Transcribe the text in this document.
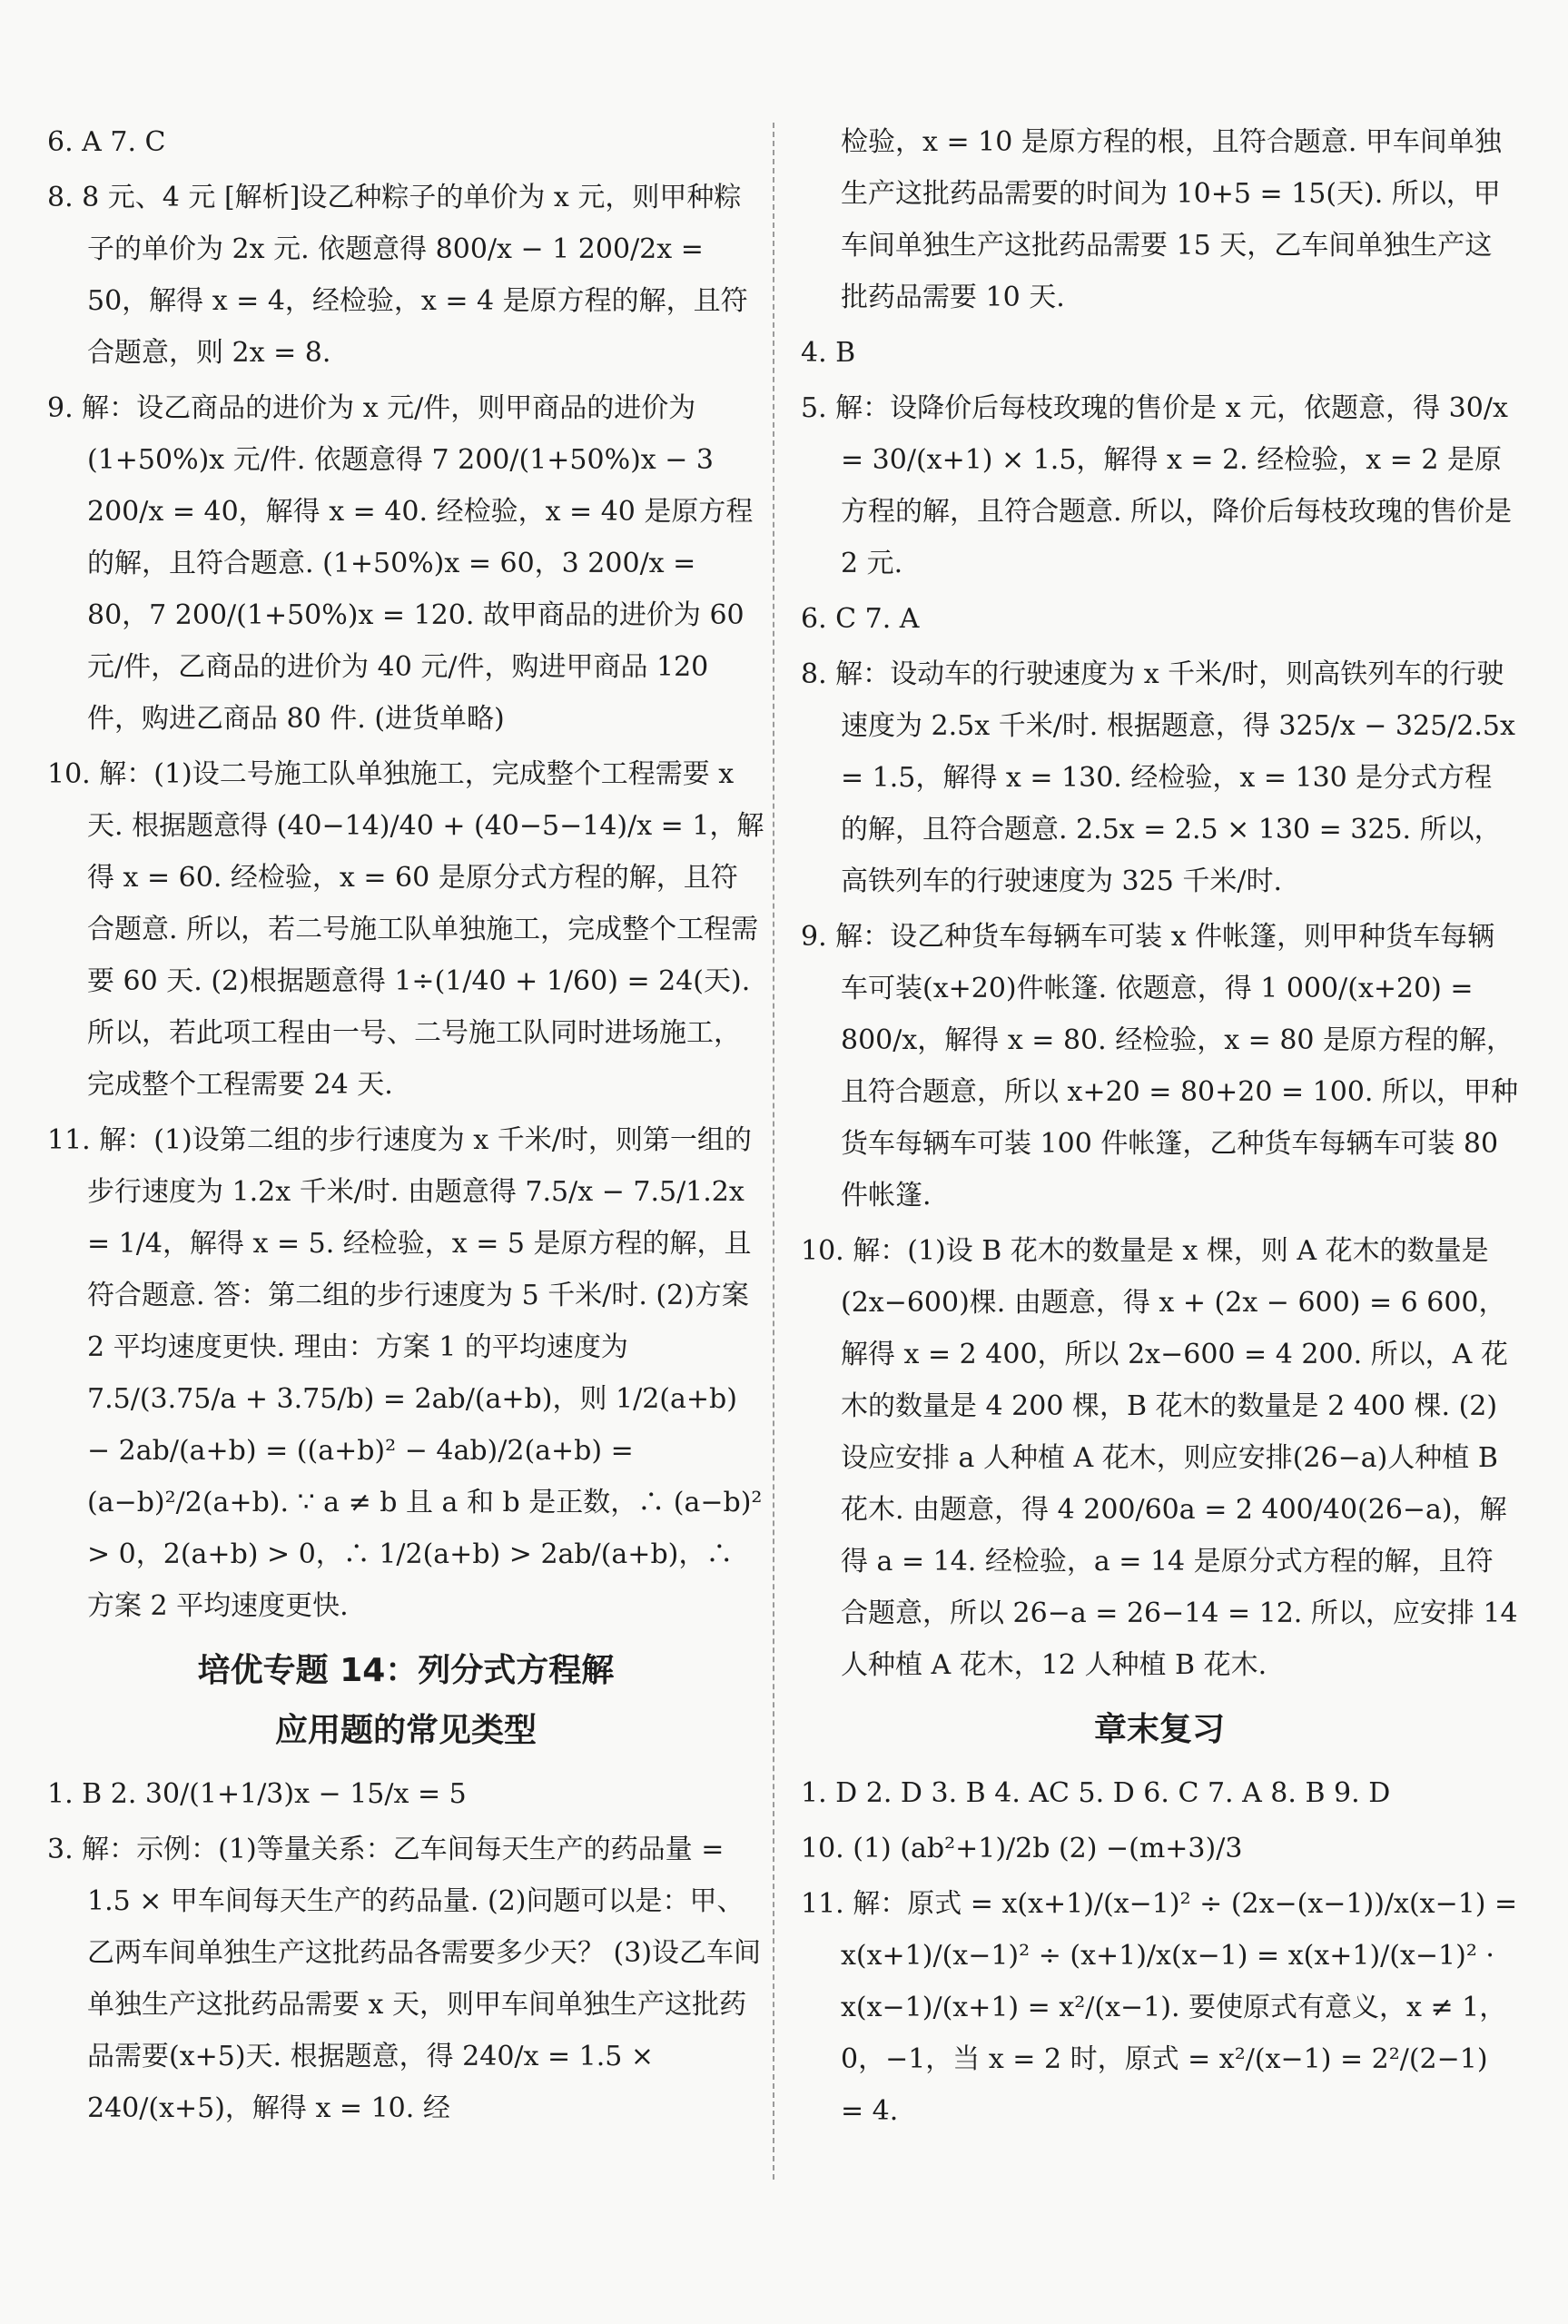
6. A 7. C
8. 8 元、4 元 [解析]设乙种粽子的单价为 x 元，则甲种粽子的单价为 2x 元. 依题意得 800/x − 1 200/2x = 50，解得 x = 4，经检验，x = 4 是原方程的解，且符合题意，则 2x = 8.
9. 解：设乙商品的进价为 x 元/件，则甲商品的进价为(1+50%)x 元/件. 依题意得 7 200/(1+50%)x − 3 200/x = 40，解得 x = 40. 经检验，x = 40 是原方程的解，且符合题意. (1+50%)x = 60，3 200/x = 80，7 200/(1+50%)x = 120. 故甲商品的进价为 60 元/件，乙商品的进价为 40 元/件，购进甲商品 120 件，购进乙商品 80 件. (进货单略)
10. 解：(1)设二号施工队单独施工，完成整个工程需要 x 天. 根据题意得 (40−14)/40 + (40−5−14)/x = 1，解得 x = 60. 经检验，x = 60 是原分式方程的解，且符合题意. 所以，若二号施工队单独施工，完成整个工程需要 60 天. (2)根据题意得 1÷(1/40 + 1/60) = 24(天). 所以，若此项工程由一号、二号施工队同时进场施工，完成整个工程需要 24 天.
11. 解：(1)设第二组的步行速度为 x 千米/时，则第一组的步行速度为 1.2x 千米/时. 由题意得 7.5/x − 7.5/1.2x = 1/4，解得 x = 5. 经检验，x = 5 是原方程的解，且符合题意. 答：第二组的步行速度为 5 千米/时. (2)方案 2 平均速度更快. 理由：方案 1 的平均速度为 7.5/(3.75/a + 3.75/b) = 2ab/(a+b)，则 1/2(a+b) − 2ab/(a+b) = ((a+b)² − 4ab)/2(a+b) = (a−b)²/2(a+b). ∵ a ≠ b 且 a 和 b 是正数，∴ (a−b)² > 0，2(a+b) > 0，∴ 1/2(a+b) > 2ab/(a+b)，∴ 方案 2 平均速度更快.
培优专题 14：列分式方程解
应用题的常见类型
1. B 2. 30/(1+1/3)x − 15/x = 5
3. 解：示例：(1)等量关系：乙车间每天生产的药品量 = 1.5 × 甲车间每天生产的药品量. (2)问题可以是：甲、乙两车间单独生产这批药品各需要多少天？ (3)设乙车间单独生产这批药品需要 x 天，则甲车间单独生产这批药品需要(x+5)天. 根据题意，得 240/x = 1.5 × 240/(x+5)，解得 x = 10. 经
检验，x = 10 是原方程的根，且符合题意. 甲车间单独生产这批药品需要的时间为 10+5 = 15(天). 所以，甲车间单独生产这批药品需要 15 天，乙车间单独生产这批药品需要 10 天.
4. B
5. 解：设降价后每枝玫瑰的售价是 x 元，依题意，得 30/x = 30/(x+1) × 1.5，解得 x = 2. 经检验，x = 2 是原方程的解，且符合题意. 所以，降价后每枝玫瑰的售价是 2 元.
6. C 7. A
8. 解：设动车的行驶速度为 x 千米/时，则高铁列车的行驶速度为 2.5x 千米/时. 根据题意，得 325/x − 325/2.5x = 1.5，解得 x = 130. 经检验，x = 130 是分式方程的解，且符合题意. 2.5x = 2.5 × 130 = 325. 所以，高铁列车的行驶速度为 325 千米/时.
9. 解：设乙种货车每辆车可装 x 件帐篷，则甲种货车每辆车可装(x+20)件帐篷. 依题意，得 1 000/(x+20) = 800/x，解得 x = 80. 经检验，x = 80 是原方程的解，且符合题意，所以 x+20 = 80+20 = 100. 所以，甲种货车每辆车可装 100 件帐篷，乙种货车每辆车可装 80 件帐篷.
10. 解：(1)设 B 花木的数量是 x 棵，则 A 花木的数量是(2x−600)棵. 由题意，得 x + (2x − 600) = 6 600，解得 x = 2 400，所以 2x−600 = 4 200. 所以，A 花木的数量是 4 200 棵，B 花木的数量是 2 400 棵. (2)设应安排 a 人种植 A 花木，则应安排(26−a)人种植 B 花木. 由题意，得 4 200/60a = 2 400/40(26−a)，解得 a = 14. 经检验，a = 14 是原分式方程的解，且符合题意，所以 26−a = 26−14 = 12. 所以，应安排 14 人种植 A 花木，12 人种植 B 花木.
章末复习
1. D 2. D 3. B 4. AC 5. D 6. C 7. A 8. B 9. D
10. (1) (ab²+1)/2b (2) −(m+3)/3
11. 解：原式 = x(x+1)/(x−1)² ÷ (2x−(x−1))/x(x−1) = x(x+1)/(x−1)² ÷ (x+1)/x(x−1) = x(x+1)/(x−1)² · x(x−1)/(x+1) = x²/(x−1). 要使原式有意义，x ≠ 1，0，−1，当 x = 2 时，原式 = x²/(x−1) = 2²/(2−1) = 4.
